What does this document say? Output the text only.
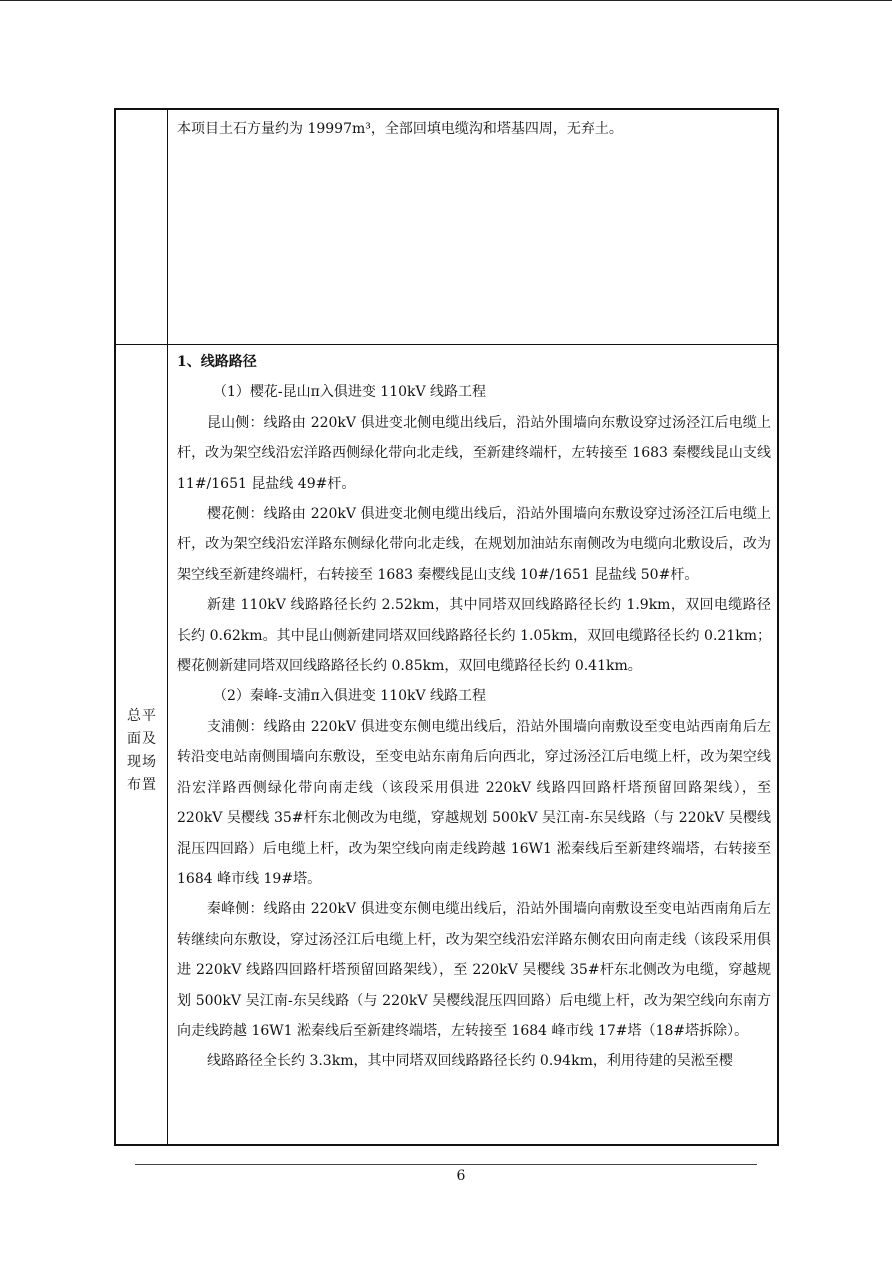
本项目土石方量约为 19997m³，全部回填电缆沟和塔基四周，无弃土。

总平
面及
现场
布置

1、线路路径

（1）樱花-昆山π入俱进变 110kV 线路工程

昆山侧：线路由 220kV 俱进变北侧电缆出线后，沿站外围墙向东敷设穿过汤泾江后电缆上杆，改为架空线沿宏洋路西侧绿化带向北走线，至新建终端杆，左转接至 1683 秦樱线昆山支线 11#/1651 昆盐线 49#杆。

樱花侧：线路由 220kV 俱进变北侧电缆出线后，沿站外围墙向东敷设穿过汤泾江后电缆上杆，改为架空线沿宏洋路东侧绿化带向北走线，在规划加油站东南侧改为电缆向北敷设后，改为架空线至新建终端杆，右转接至 1683 秦樱线昆山支线 10#/1651 昆盐线 50#杆。

新建 110kV 线路路径长约 2.52km，其中同塔双回线路路径长约 1.9km，双回电缆路径长约 0.62km。其中昆山侧新建同塔双回线路路径长约 1.05km，双回电缆路径长约 0.21km；樱花侧新建同塔双回线路路径长约 0.85km，双回电缆路径长约 0.41km。

（2）秦峰-支浦π入俱进变 110kV 线路工程

支浦侧：线路由 220kV 俱进变东侧电缆出线后，沿站外围墙向南敷设至变电站西南角后左转沿变电站南侧围墙向东敷设，至变电站东南角后向西北，穿过汤泾江后电缆上杆，改为架空线沿宏洋路西侧绿化带向南走线（该段采用俱进 220kV 线路四回路杆塔预留回路架线），至 220kV 吴樱线 35#杆东北侧改为电缆，穿越规划 500kV 吴江南-东吴线路（与 220kV 吴樱线混压四回路）后电缆上杆，改为架空线向南走线跨越 16W1 淞秦线后至新建终端塔，右转接至 1684 峰市线 19#塔。

秦峰侧：线路由 220kV 俱进变东侧电缆出线后，沿站外围墙向南敷设至变电站西南角后左转继续向东敷设，穿过汤泾江后电缆上杆，改为架空线沿宏洋路东侧农田向南走线（该段采用俱进 220kV 线路四回路杆塔预留回路架线），至 220kV 吴樱线 35#杆东北侧改为电缆，穿越规划 500kV 吴江南-东吴线路（与 220kV 吴樱线混压四回路）后电缆上杆，改为架空线向东南方向走线跨越 16W1 淞秦线后至新建终端塔，左转接至 1684 峰市线 17#塔（18#塔拆除）。

线路路径全长约 3.3km，其中同塔双回线路路径长约 0.94km，利用待建的吴淞至樱

6
